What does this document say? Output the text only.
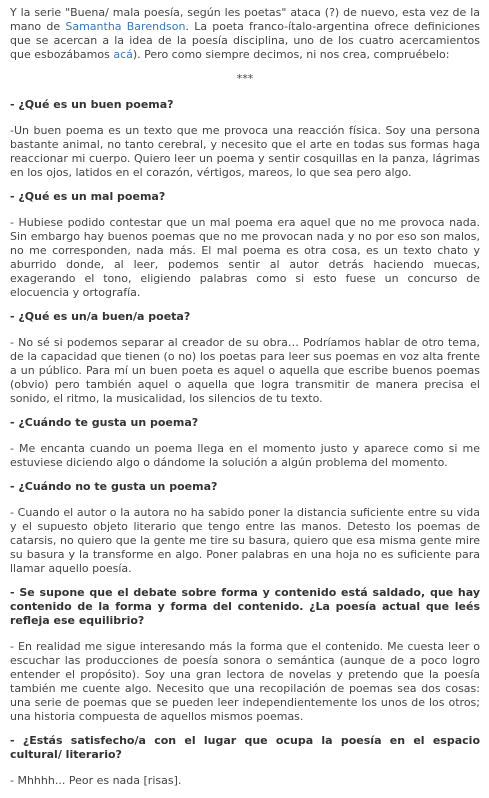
Y la serie "Buena/ mala poesía, según les poetas" ataca (?) de nuevo, esta vez de la mano de Samantha Barendson. La poeta franco-ítalo-argentina ofrece definiciones que se acercan a la idea de la poesía disciplina, uno de los cuatro acercamientos que esbozábamos acá). Pero como siempre decimos, ni nos crea, compruébelo:

***
- ¿Qué es un buen poema?

-Un buen poema es un texto que me provoca una reacción física. Soy una persona bastante animal, no tanto cerebral, y necesito que el arte en todas sus formas haga reaccionar mi cuerpo. Quiero leer un poema y sentir cosquillas en la panza, lágrimas en los ojos, latidos en el corazón, vértigos, mareos, lo que sea pero algo.

- ¿Qué es un mal poema?

- Hubiese podido contestar que un mal poema era aquel que no me provoca nada. Sin embargo hay buenos poemas que no me provocan nada y no por eso son malos, no me corresponden, nada más. El mal poema es otra cosa, es un texto chato y aburrido donde, al leer, podemos sentir al autor detrás haciendo muecas, exagerando el tono, eligiendo palabras como si esto fuese un concurso de elocuencia y ortografía.

- ¿Qué es un/a buen/a poeta?

- No sé si podemos separar al creador de su obra… Podríamos hablar de otro tema, de la capacidad que tienen (o no) los poetas para leer sus poemas en voz alta frente a un público. Para mí un buen poeta es aquel o aquella que escribe buenos poemas (obvio) pero también aquel o aquella que logra transmitir de manera precisa el sonido, el ritmo, la musicalidad, los silencios de tu texto.

- ¿Cuándo te gusta un poema?

- Me encanta cuando un poema llega en el momento justo y aparece como si me estuviese diciendo algo o dándome la solución a algún problema del momento.

- ¿Cuándo no te gusta un poema?

- Cuando el autor o la autora no ha sabido poner la distancia suficiente entre su vida y el supuesto objeto literario que tengo entre las manos. Detesto los poemas de catarsis, no quiero que la gente me tire su basura, quiero que esa misma gente mire su basura y la transforme en algo. Poner palabras en una hoja no es suficiente para llamar aquello poesía.

- Se supone que el debate sobre forma y contenido está saldado, que hay contenido de la forma y forma del contenido. ¿La poesía actual que leés refleja ese equilibrio?

- En realidad me sigue interesando más la forma que el contenido. Me cuesta leer o escuchar las producciones de poesía sonora o semántica (aunque de a poco logro entender el propósito). Soy una gran lectora de novelas y pretendo que la poesía también me cuente algo. Necesito que una recopilación de poemas sea dos cosas: una serie de poemas que se pueden leer independientemente los unos de los otros; una historia compuesta de aquellos mismos poemas.

- ¿Estás satisfecho/a con el lugar que ocupa la poesía en el espacio cultural/ literario?

- Mhhhh... Peor es nada [risas].
